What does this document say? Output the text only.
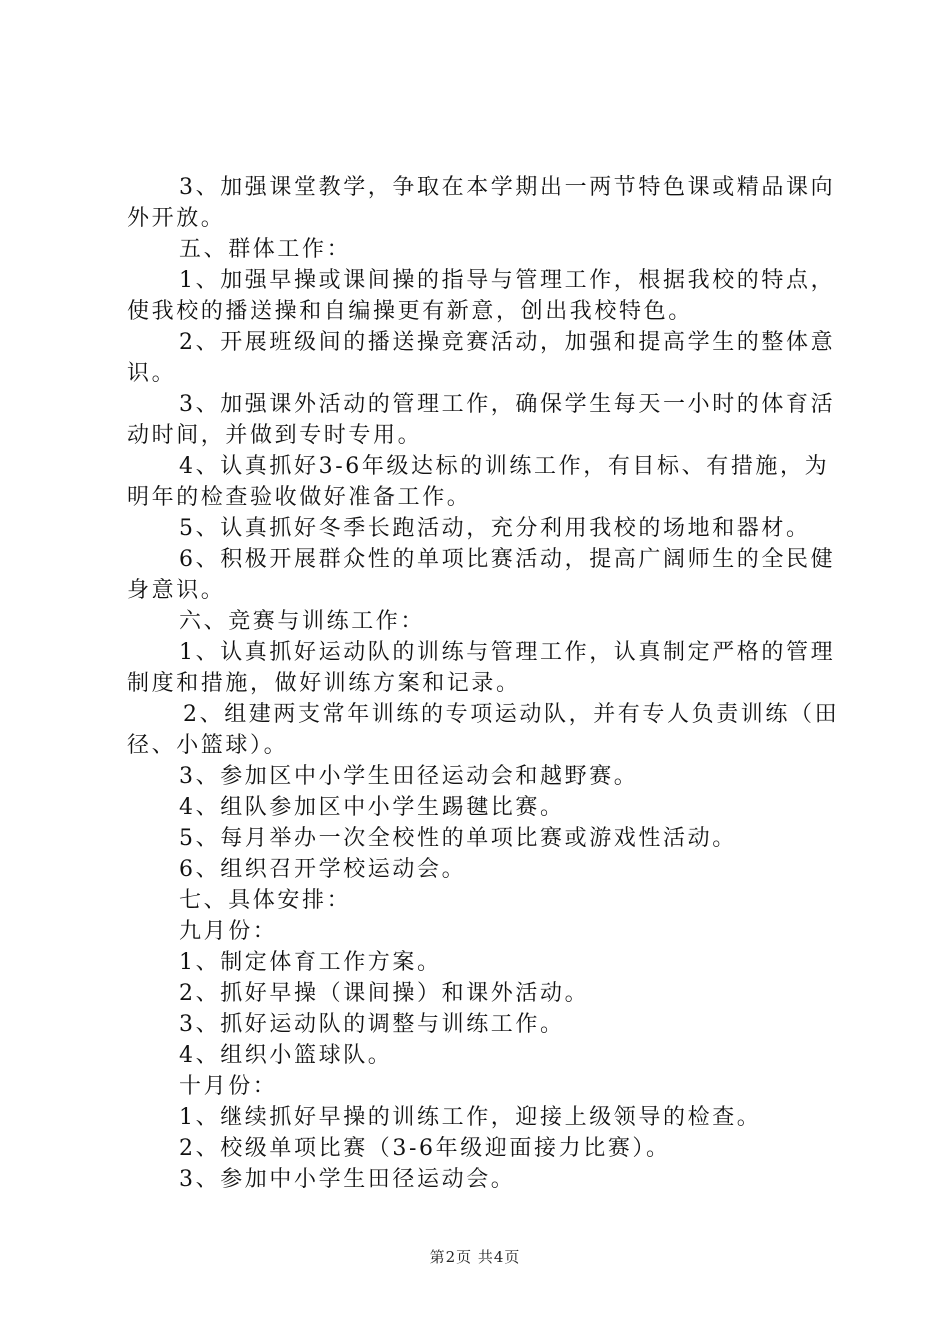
3、加强课堂教学，争取在本学期出一两节特色课或精品课向外开放。

五、群体工作：

1、加强早操或课间操的指导与管理工作，根据我校的特点，使我校的播送操和自编操更有新意，创出我校特色。

2、开展班级间的播送操竞赛活动，加强和提高学生的整体意识。

3、加强课外活动的管理工作，确保学生每天一小时的体育活动时间，并做到专时专用。

4、认真抓好3-6年级达标的训练工作，有目标、有措施，为明年的检查验收做好准备工作。

5、认真抓好冬季长跑活动，充分利用我校的场地和器材。

6、积极开展群众性的单项比赛活动，提高广阔师生的全民健身意识。

六、竞赛与训练工作：

1、认真抓好运动队的训练与管理工作，认真制定严格的管理制度和措施，做好训练方案和记录。

2、组建两支常年训练的专项运动队，并有专人负责训练（田径、小篮球）。

3、参加区中小学生田径运动会和越野赛。

4、组队参加区中小学生踢毽比赛。

5、每月举办一次全校性的单项比赛或游戏性活动。

6、组织召开学校运动会。

七、具体安排：

九月份：

1、制定体育工作方案。

2、抓好早操（课间操）和课外活动。

3、抓好运动队的调整与训练工作。

4、组织小篮球队。

十月份：

1、继续抓好早操的训练工作，迎接上级领导的检查。

2、校级单项比赛（3-6年级迎面接力比赛）。

3、参加中小学生田径运动会。

第2页 共4页
